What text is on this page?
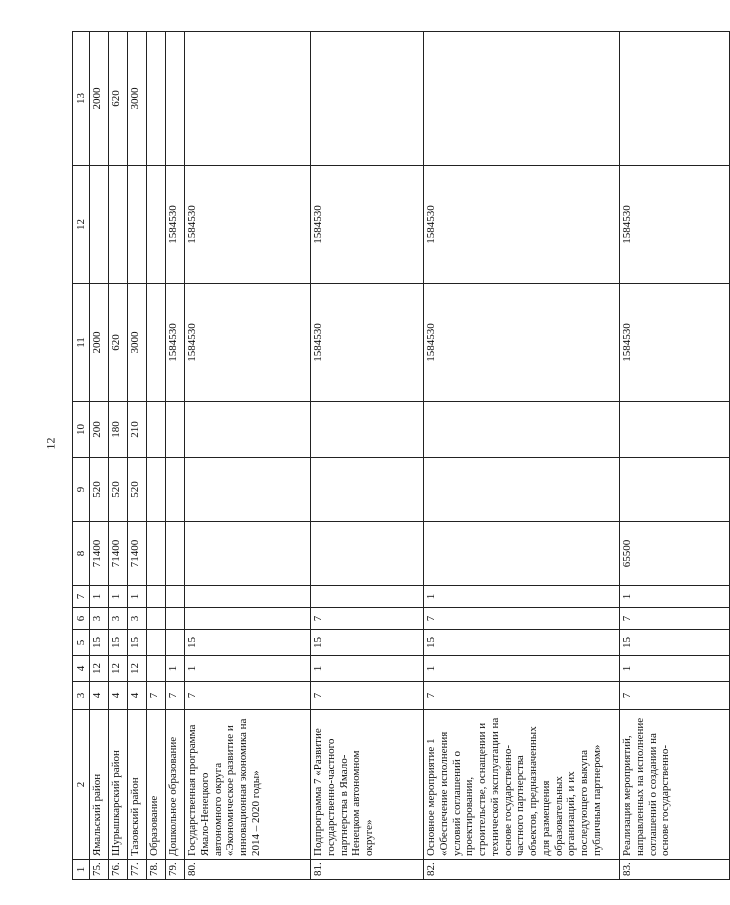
12
1	2	3	4	5	6	7	8	9	10	11	12	13
75.	Ямальский район	4	12	15	3	1	71400	520	200	2000		2000
76.	Шурышкарский район	4	12	15	3	1	71400	520	180	620		620
77.	Тазовский район	4	12	15	3	1	71400	520	210	3000		3000
78.	Образование	7										
79.	Дошкольное образование	7	1							1584530	1584530	
80.	Государственная программа Ямало-Ненецкого автономного округа «Экономическое развитие и инновационная экономика на 2014 – 2020 годы»	7	1	15						1584530	1584530	
81.	Подпрограмма 7 «Развитие государственно-частного партнерства в Ямало-Ненецком автономном округе»	7	1	15	7					1584530	1584530	
82.	Основное мероприятие 1 «Обеспечение исполнения условий соглашений о проектировании, строительстве, оснащении и технической эксплуатации на основе государственно-частного партнерства объектов, предназначенных для размещения образовательных организаций, и их последующего выкупа публичным партнером»	7	1	15	7	1				1584530	1584530	
83.	Реализация мероприятий, направленных на исполнение соглашений о создании на основе государственно-	7	1	15	7	1	65500			1584530	1584530	
